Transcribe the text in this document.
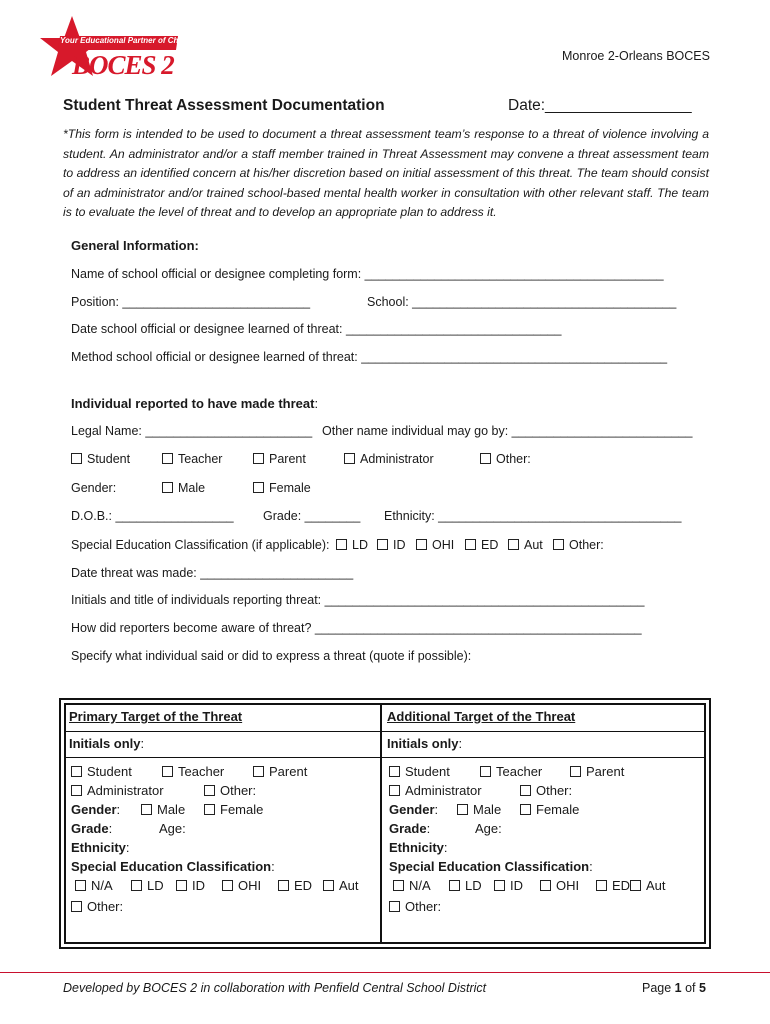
Your Educational Partner of Choice
BOCES 2	Monroe 2-Orleans BOCES
Student Threat Assessment Documentation	Date:_________________
*This form is intended to be used to document a threat assessment team’s response to a threat of violence involving a student. An administrator and/or a staff member trained in Threat Assessment may convene a threat assessment team to address an identified concern at his/her discretion based on initial assessment of this threat. The team should consist of an administrator and/or trained school-based mental health worker in consultation with other relevant staff. The team is to evaluate the level of threat and to develop an appropriate plan to address it.
General Information:
Name of school official or designee completing form: ___________________________________________
Position: ___________________________	School: ______________________________________
Date school official or designee learned of threat: _______________________________
Method school official or designee learned of threat: ____________________________________________
Individual reported to have made threat:
Legal Name: ________________________ Other name individual may go by: __________________________
Student	Teacher	Parent	Administrator	Other:
Gender:	Male	Female
D.O.B.: _________________ Grade: ________ Ethnicity: ___________________________________
Special Education Classification (if applicable):	LD	ID	OHI	ED	Aut	Other:
Date threat was made: ______________________
Initials and title of individuals reporting threat: ______________________________________________
How did reporters become aware of threat? _______________________________________________
Specify what individual said or did to express a threat (quote if possible):
Primary Target of the Threat
Initials only:
Student	Teacher	Parent
Administrator	Other:
Gender:	Male	Female
Grade:	Age:
Ethnicity:
Special Education Classification:
N/A	LD ID	OHI	ED Aut
Other:
Additional Target of the Threat
Initials only:
Student	Teacher	Parent
Administrator	Other:
Gender:	Male	Female
Grade:	Age:
Ethnicity:
Special Education Classification:
N/A	LD ID	OHI	ED Aut
Other:
Developed by BOCES 2 in collaboration with Penfield Central School District	Page 1 of 5
